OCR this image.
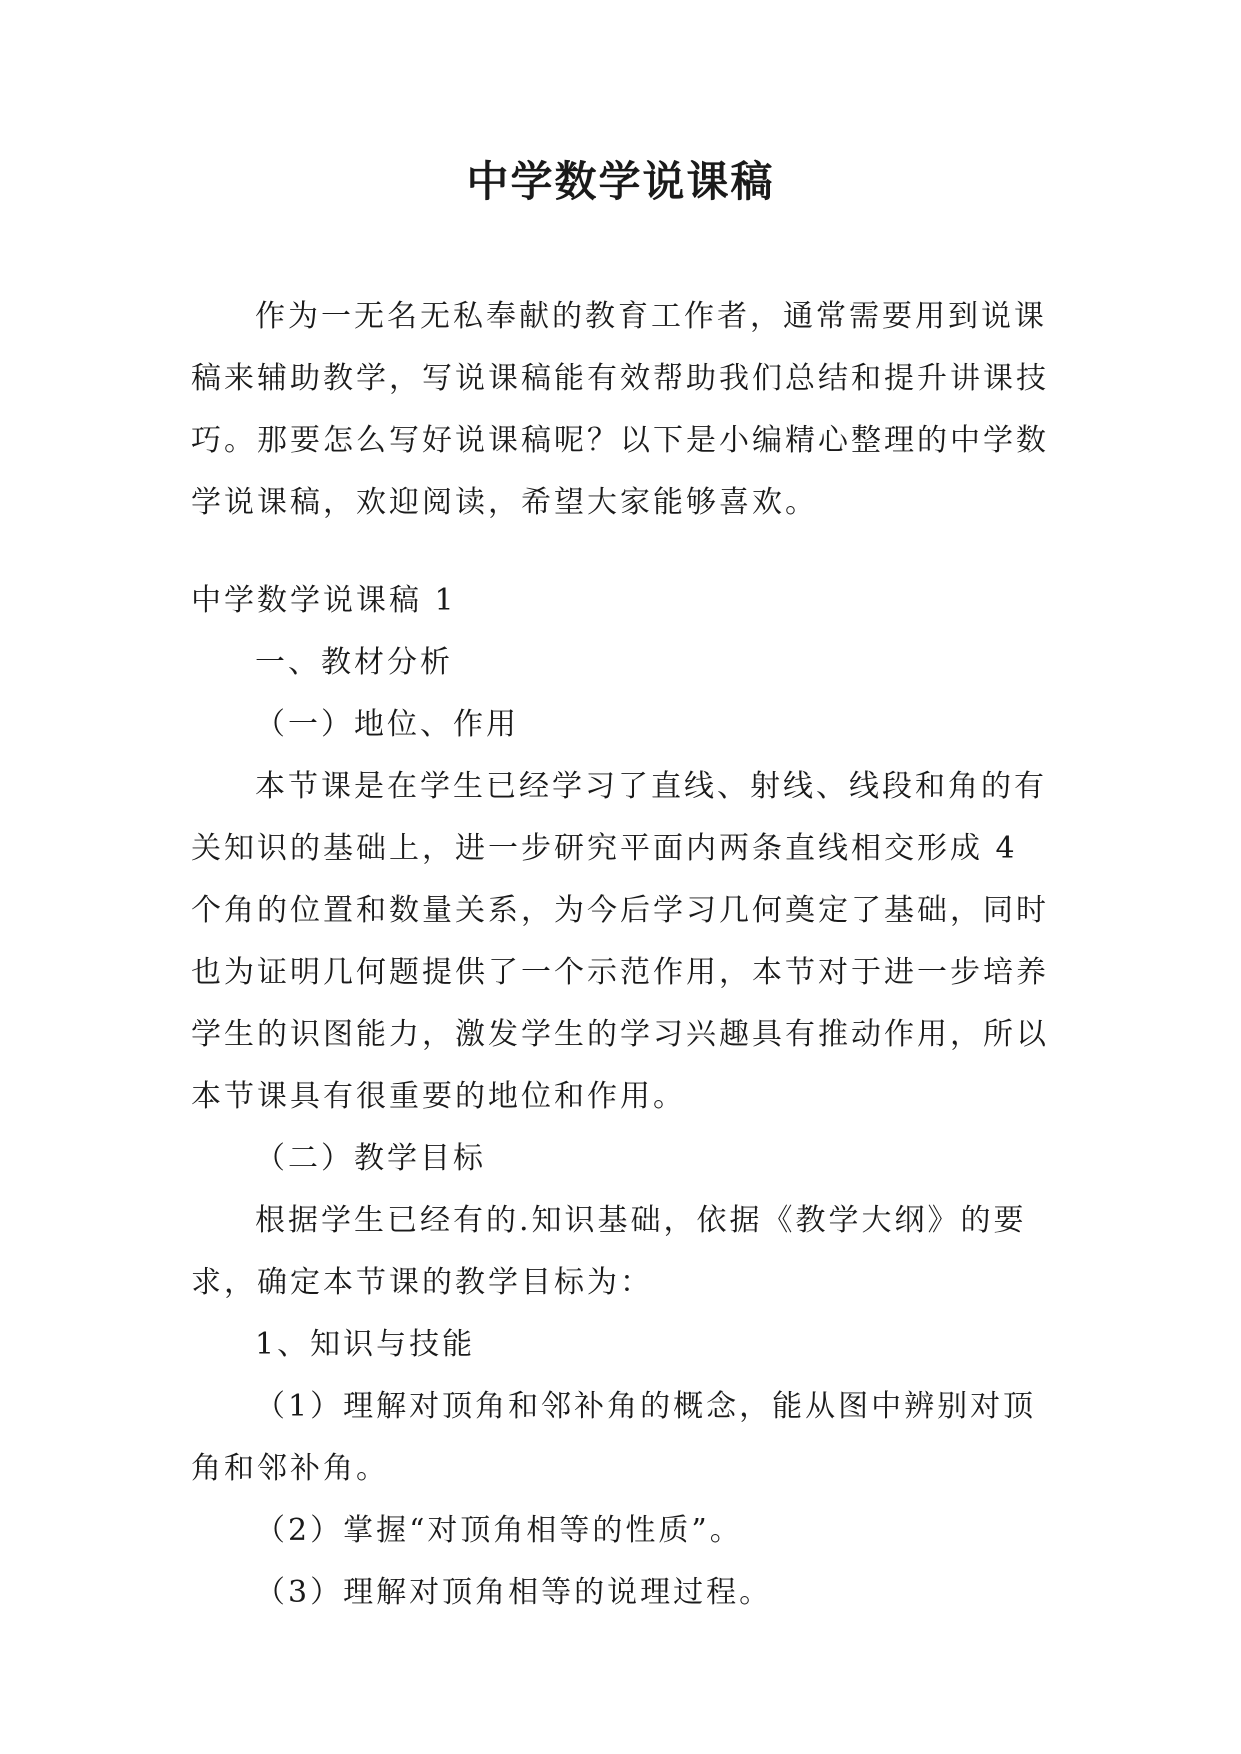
中学数学说课稿

作为一无名无私奉献的教育工作者，通常需要用到说课稿来辅助教学，写说课稿能有效帮助我们总结和提升讲课技巧。那要怎么写好说课稿呢？以下是小编精心整理的中学数学说课稿，欢迎阅读，希望大家能够喜欢。

中学数学说课稿 1

一、教材分析

（一）地位、作用

本节课是在学生已经学习了直线、射线、线段和角的有关知识的基础上，进一步研究平面内两条直线相交形成 4 个角的位置和数量关系，为今后学习几何奠定了基础，同时也为证明几何题提供了一个示范作用，本节对于进一步培养学生的识图能力，激发学生的学习兴趣具有推动作用，所以本节课具有很重要的地位和作用。

（二）教学目标

根据学生已经有的.知识基础，依据《教学大纲》的要求，确定本节课的教学目标为：

1、知识与技能

（1）理解对顶角和邻补角的概念，能从图中辨别对顶角和邻补角。

（2）掌握“对顶角相等的性质”。

（3）理解对顶角相等的说理过程。
